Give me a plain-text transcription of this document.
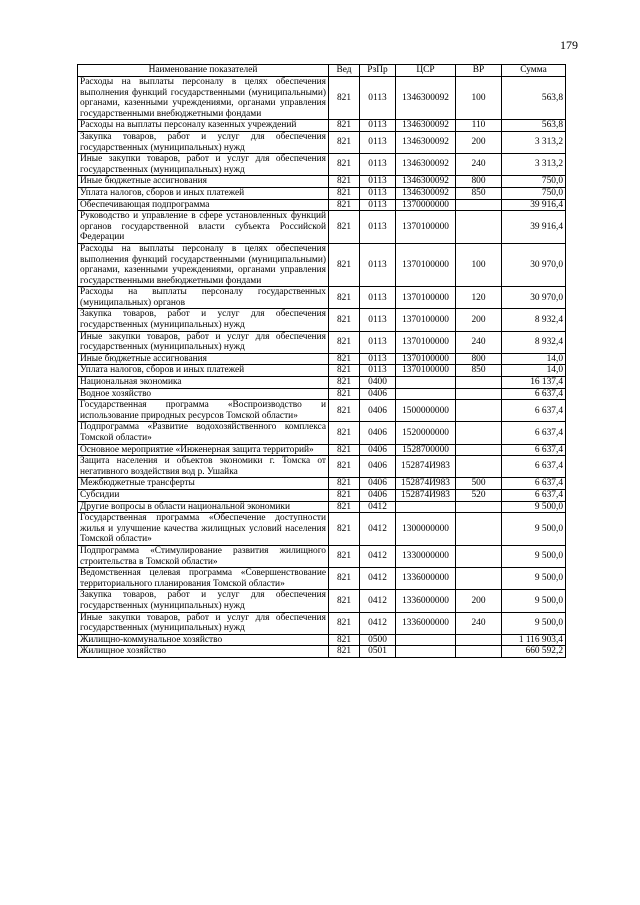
179
Наименование показателей	Вед	РзПр	ЦСР	ВР	Сумма
Расходы на выплаты персоналу в целях обеспечения выполнения функций государственными (муниципальными) органами, казенными учреждениями, органами управления государственными внебюджетными фондами	821	0113	1346300092	100	563,8
Расходы на выплаты персоналу казенных учреждений	821	0113	1346300092	110	563,8
Закупка товаров, работ и услуг для обеспечения государственных (муниципальных) нужд	821	0113	1346300092	200	3 313,2
Иные закупки товаров, работ и услуг для обеспечения государственных (муниципальных) нужд	821	0113	1346300092	240	3 313,2
Иные бюджетные ассигнования	821	0113	1346300092	800	750,0
Уплата налогов, сборов и иных платежей	821	0113	1346300092	850	750,0
Обеспечивающая подпрограмма	821	0113	1370000000		39 916,4
Руководство и управление в сфере установленных функций органов государственной власти субъекта Российской Федерации	821	0113	1370100000		39 916,4
Расходы на выплаты персоналу в целях обеспечения выполнения функций государственными (муниципальными) органами, казенными учреждениями, органами управления государственными внебюджетными фондами	821	0113	1370100000	100	30 970,0
Расходы на выплаты персоналу государственных (муниципальных) органов	821	0113	1370100000	120	30 970,0
Закупка товаров, работ и услуг для обеспечения государственных (муниципальных) нужд	821	0113	1370100000	200	8 932,4
Иные закупки товаров, работ и услуг для обеспечения государственных (муниципальных) нужд	821	0113	1370100000	240	8 932,4
Иные бюджетные ассигнования	821	0113	1370100000	800	14,0
Уплата налогов, сборов и иных платежей	821	0113	1370100000	850	14,0
Национальная экономика	821	0400			16 137,4
Водное хозяйство	821	0406			6 637,4
Государственная программа «Воспроизводство и использование природных ресурсов Томской области»	821	0406	1500000000		6 637,4
Подпрограмма «Развитие водохозяйственного комплекса Томской области»	821	0406	1520000000		6 637,4
Основное мероприятие «Инженерная защита территорий»	821	0406	1528700000		6 637,4
Защита населения и объектов экономики г. Томска от негативного воздействия вод р. Ушайка	821	0406	152874И983		6 637,4
Межбюджетные трансферты	821	0406	152874И983	500	6 637,4
Субсидии	821	0406	152874И983	520	6 637,4
Другие вопросы в области национальной экономики	821	0412			9 500,0
Государственная программа «Обеспечение доступности жилья и улучшение качества жилищных условий населения Томской области»	821	0412	1300000000		9 500,0
Подпрограмма «Стимулирование развития жилищного строительства в Томской области»	821	0412	1330000000		9 500,0
Ведомственная целевая программа «Совершенствование территориального планирования Томской области»	821	0412	1336000000		9 500,0
Закупка товаров, работ и услуг для обеспечения государственных (муниципальных) нужд	821	0412	1336000000	200	9 500,0
Иные закупки товаров, работ и услуг для обеспечения государственных (муниципальных) нужд	821	0412	1336000000	240	9 500,0
Жилищно-коммунальное хозяйство	821	0500			1 116 903,4
Жилищное хозяйство	821	0501			660 592,2
